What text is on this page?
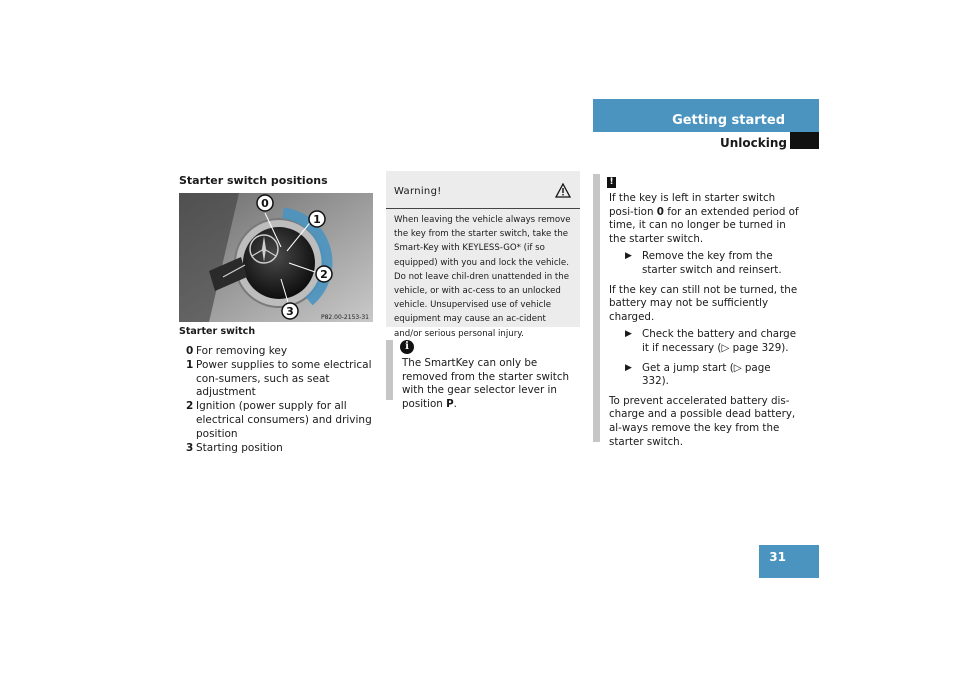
Getting started
Unlocking
Starter switch positions
0
1
2
3	P82.00-2153-31
Starter switch
0 For removing key
1 Power supplies to some electrical con-sumers, such as seat adjustment
2 Ignition (power supply for all electrical consumers) and driving position
3 Starting position
Warning!
When leaving the vehicle always remove the key from the starter switch, take the Smart-Key with KEYLESS-GO* (if so equipped) with you and lock the vehicle. Do not leave chil-dren unattended in the vehicle, or with ac-cess to an unlocked vehicle. Unsupervised use of vehicle equipment may cause an ac-cident and/or serious personal injury.
i
The SmartKey can only be removed from the starter switch with the gear selector lever in position P.
!

If the key is left in starter switch posi-tion 0 for an extended period of time, it can no longer be turned in the starter switch.

▶ Remove the key from the starter switch and reinsert.

If the key can still not be turned, the battery may not be sufficiently charged.

▶ Check the battery and charge it if necessary (▷ page 329).
▶ Get a jump start (▷ page 332).

To prevent accelerated battery dis-charge and a possible dead battery, al-ways remove the key from the starter switch.

31
